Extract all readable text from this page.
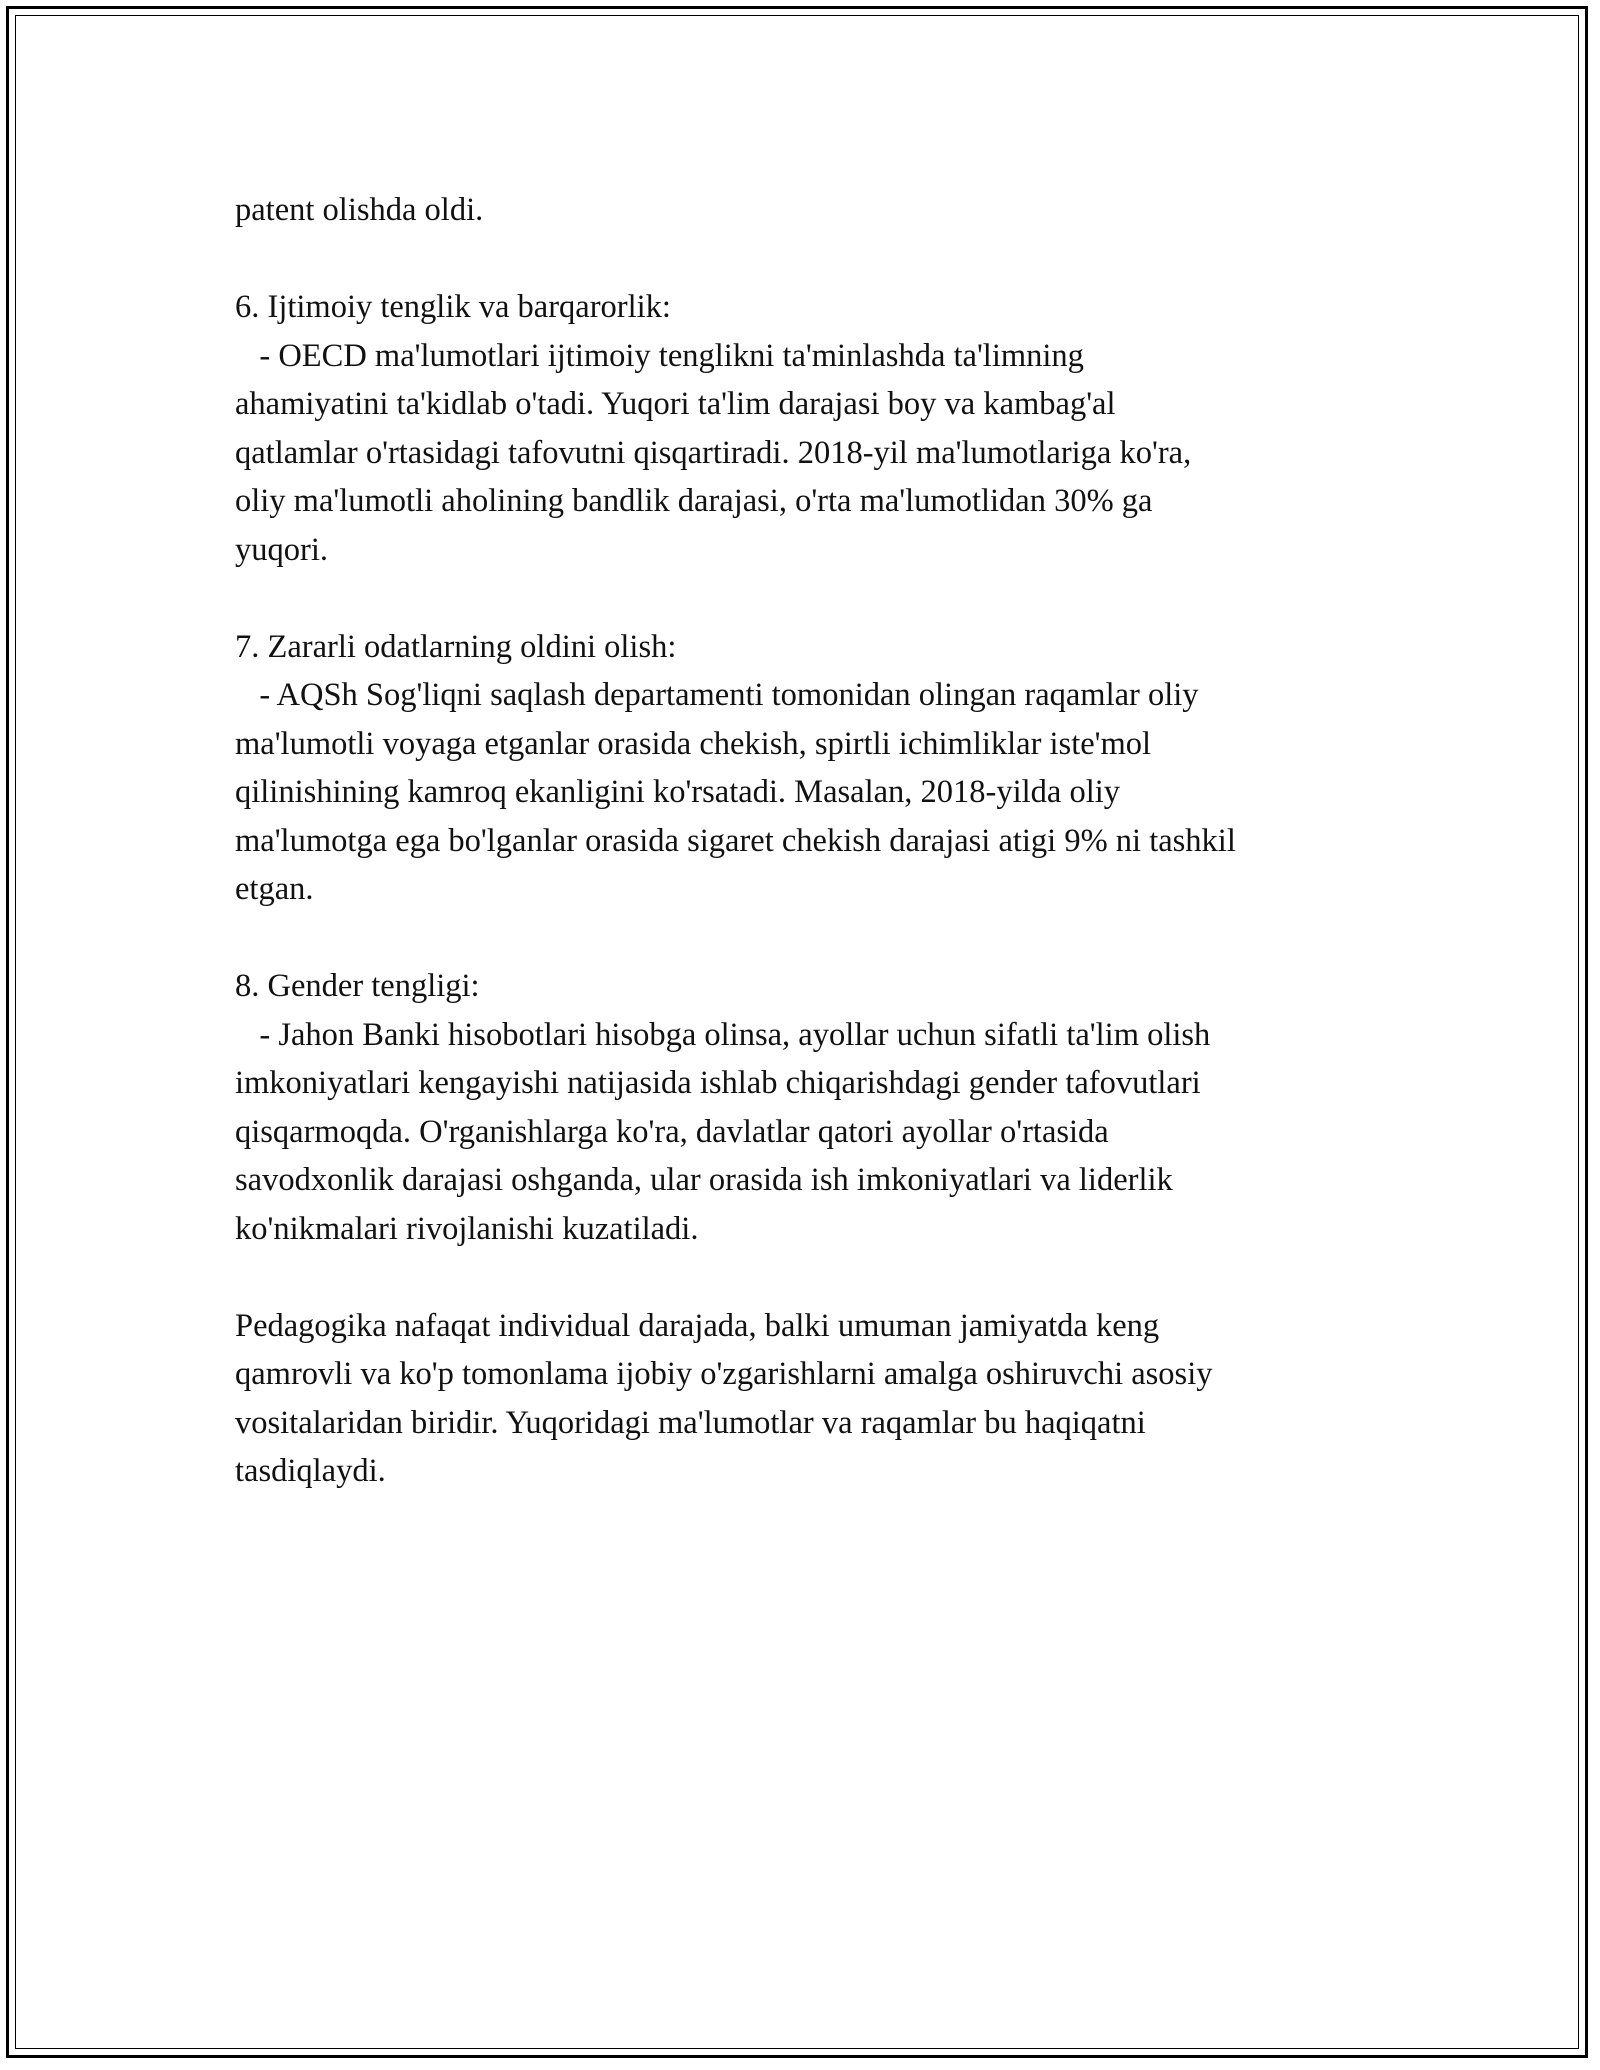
patent olishda oldi.
6. Ijtimoiy tenglik va barqarorlik:
- OECD ma'lumotlari ijtimoiy tenglikni ta'minlashda ta'limning
ahamiyatini ta'kidlab o'tadi. Yuqori ta'lim darajasi boy va kambag'al
qatlamlar o'rtasidagi tafovutni qisqartiradi. 2018-yil ma'lumotlariga ko'ra,
oliy ma'lumotli aholining bandlik darajasi, o'rta ma'lumotlidan 30% ga
yuqori.
7. Zararli odatlarning oldini olish:
- AQSh Sog'liqni saqlash departamenti tomonidan olingan raqamlar oliy
ma'lumotli voyaga etganlar orasida chekish, spirtli ichimliklar iste'mol
qilinishining kamroq ekanligini ko'rsatadi. Masalan, 2018-yilda oliy
ma'lumotga ega bo'lganlar orasida sigaret chekish darajasi atigi 9% ni tashkil
etgan.
8. Gender tengligi:
- Jahon Banki hisobotlari hisobga olinsa, ayollar uchun sifatli ta'lim olish
imkoniyatlari kengayishi natijasida ishlab chiqarishdagi gender tafovutlari
qisqarmoqda. O'rganishlarga ko'ra, davlatlar qatori ayollar o'rtasida
savodxonlik darajasi oshganda, ular orasida ish imkoniyatlari va liderlik
ko'nikmalari rivojlanishi kuzatiladi.
Pedagogika nafaqat individual darajada, balki umuman jamiyatda keng
qamrovli va ko'p tomonlama ijobiy o'zgarishlarni amalga oshiruvchi asosiy
vositalaridan biridir. Yuqoridagi ma'lumotlar va raqamlar bu haqiqatni
tasdiqlaydi.
